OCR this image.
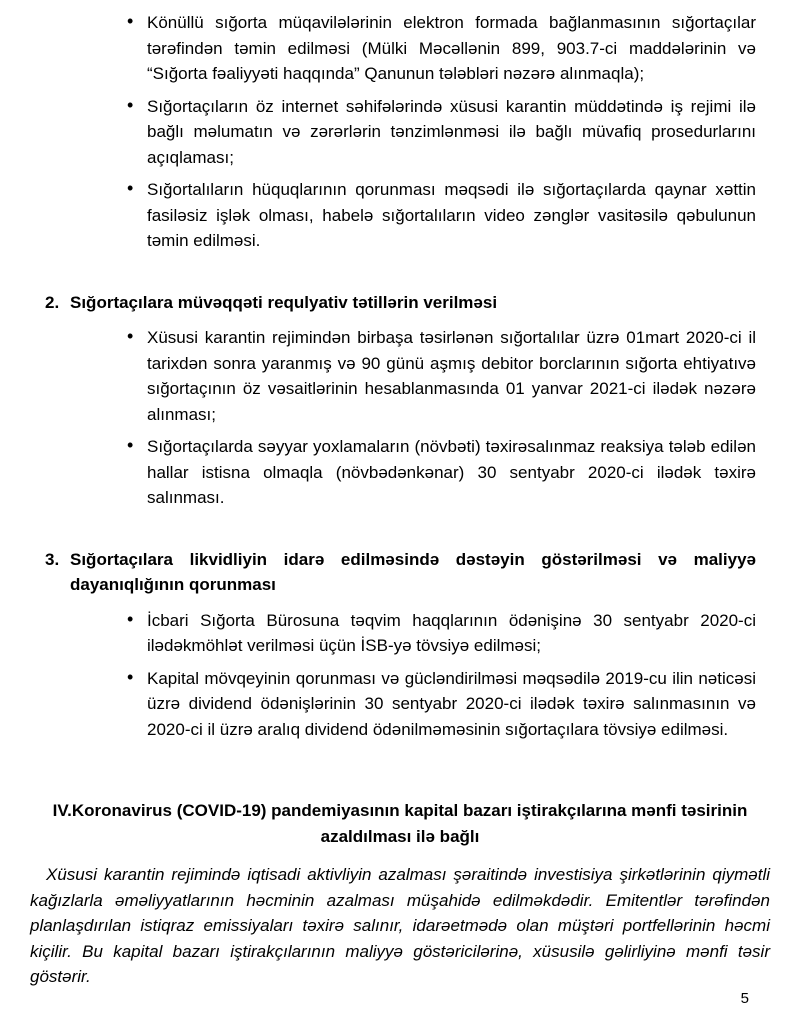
• Könüllü sığorta müqavilələrinin elektron formada bağlanmasının sığortaçılar tərəfindən təmin edilməsi (Mülki Məcəllənin 899, 903.7-ci maddələrinin və “Sığorta fəaliyyəti haqqında” Qanunun tələbləri nəzərə alınmaqla);
• Sığortaçıların öz internet səhifələrində xüsusi karantin müddətində iş rejimi ilə bağlı məlumatın və zərərlərin tənzimlənməsi ilə bağlı müvafiq prosedurlarını açıqlaması;
• Sığortalıların hüquqlarının qorunması məqsədi ilə sığortaçılarda qaynar xəttin fasiləsiz işlək olması, habelə sığortalıların video zənglər vasitəsilə qəbulunun təmin edilməsi.
2. Sığortaçılara müvəqqəti requlyativ tətillərin verilməsi
• Xüsusi karantin rejimindən birbaşa təsirlənən sığortalılar üzrə 01mart 2020-ci il tarixdən sonra yaranmış və 90 günü aşmış debitor borclarının sığorta ehtiyatıvə sığortaçının öz vəsaitlərinin hesablanmasında 01 yanvar 2021-ci ilədək nəzərə alınması;
• Sığortaçılarda səyyar yoxlamaların (növbəti) təxirəsalınmaz reaksiya tələb edilən hallar istisna olmaqla (növbədənkənar) 30 sentyabr 2020-ci ilədək təxirə salınması.
3. Sığortaçılara likvidliyin idarə edilməsində dəstəyin göstərilməsi və maliyyə dayanıqlığının qorunması
• İcbari Sığorta Bürosuna təqvim haqqlarının ödənişinə 30 sentyabr 2020-ci ilədəkmöhlət verilməsi üçün İSB-yə tövsiyə edilməsi;
• Kapital mövqeyinin qorunması və gücləndirilməsi məqsədilə 2019-cu ilin nəticəsi üzrə dividend ödənişlərinin 30 sentyabr 2020-ci ilədək təxirə salınmasının və 2020-ci il üzrə aralıq dividend ödənilməməsinin sığortaçılara tövsiyə edilməsi.
IV.Koronavirus (COVID-19) pandemiyasının kapital bazarı iştirakçılarına mənfi təsirinin azaldılması ilə bağlı

Xüsusi karantin rejimində iqtisadi aktivliyin azalması şəraitində investisiya şirkətlərinin qiymətli kağızlarla əməliyyatlarının həcminin azalması müşahidə edilməkdədir. Emitentlər tərəfindən planlaşdırılan istiqraz emissiyaları təxirə salınır, idarəetmədə olan müştəri portfellərinin həcmi kiçilir. Bu kapital bazarı iştirakçılarının maliyyə göstəricilərinə, xüsusilə gəlirliyinə mənfi təsir göstərir.

5
